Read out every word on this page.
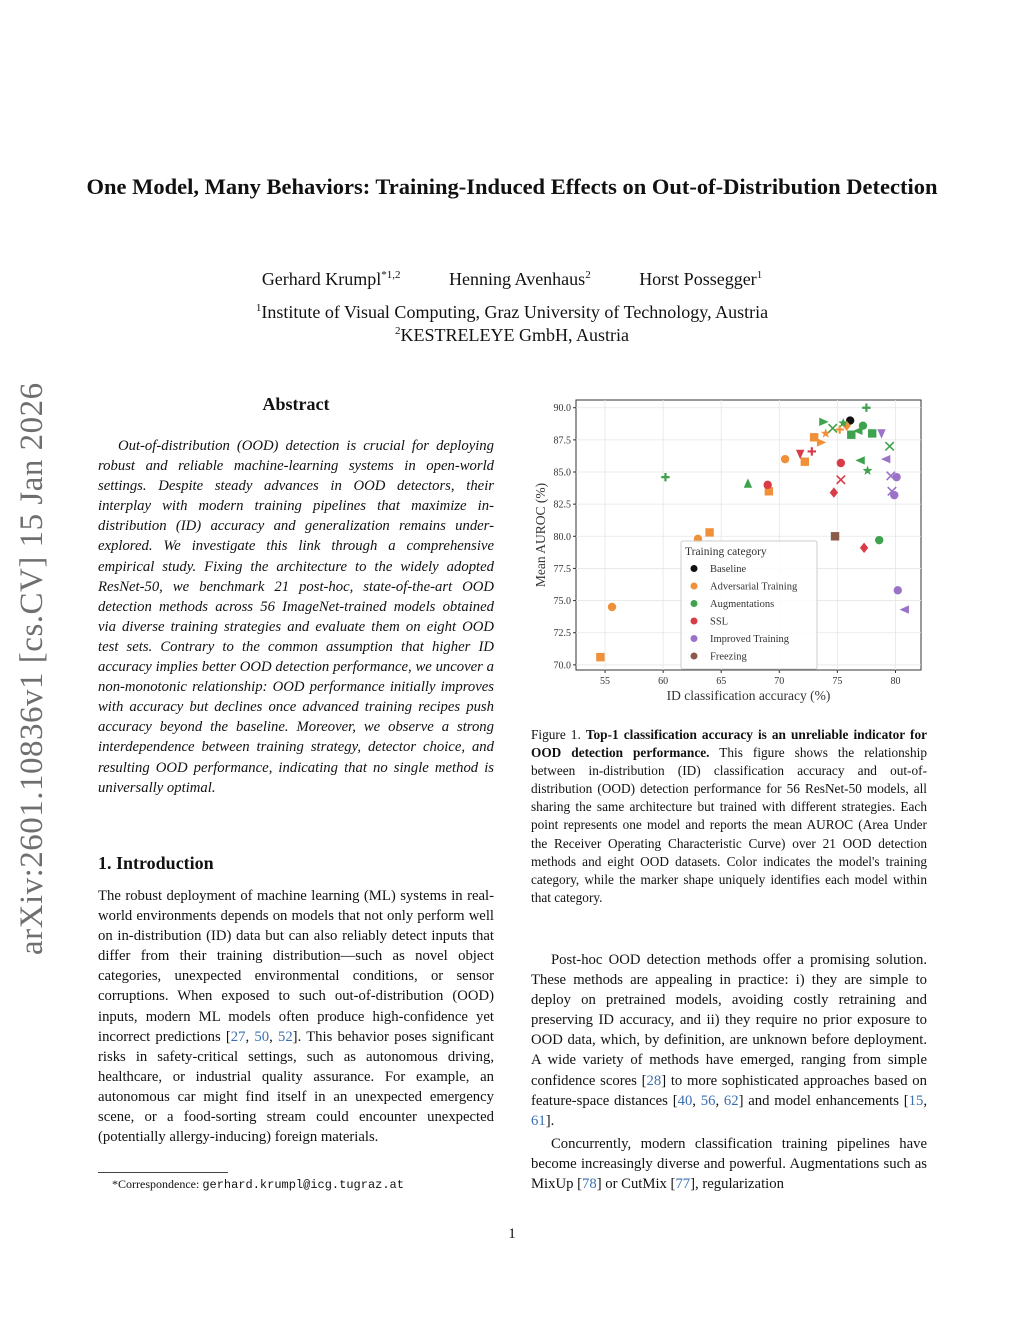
arXiv:2601.10836v1 [cs.CV] 15 Jan 2026
One Model, Many Behaviors: Training-Induced Effects on Out-of-Distribution Detection
Gerhard Krumpl$^{*1,2}$	Henning Avenhaus$^2$	Horst Possegger$^1$
$^1$Institute of Visual Computing, Graz University of Technology, Austria
$^2$KESTRELEYE GmbH, Austria
Abstract
Out-of-distribution (OOD) detection is crucial for deploying robust and reliable machine-learning systems in open-world settings. Despite steady advances in OOD detectors, their interplay with modern training pipelines that maximize in-distribution (ID) accuracy and generalization remains under-explored. We investigate this link through a comprehensive empirical study. Fixing the architecture to the widely adopted ResNet-50, we benchmark 21 post-hoc, state-of-the-art OOD detection methods across 56 ImageNet-trained models obtained via diverse training strategies and evaluate them on eight OOD test sets. Contrary to the common assumption that higher ID accuracy implies better OOD detection performance, we uncover a non-monotonic relationship: OOD performance initially improves with accuracy but declines once advanced training recipes push accuracy beyond the baseline. Moreover, we observe a strong interdependence between training strategy, detector choice, and resulting OOD performance, indicating that no single method is universally optimal.
1. Introduction
The robust deployment of machine learning (ML) systems in real-world environments depends on models that not only perform well on in-distribution (ID) data but can also reliably detect inputs that differ from their training distribution—such as novel object categories, unexpected environmental conditions, or sensor corruptions. When exposed to such out-of-distribution (OOD) inputs, modern ML models often produce high-confidence yet incorrect predictions [27, 50, 52]. This behavior poses significant risks in safety-critical settings, such as autonomous driving, healthcare, or industrial quality assurance. For example, an autonomous car might find itself in an unexpected emergency scene, or a food-sorting stream could encounter unexpected (potentially allergy-inducing) foreign materials.
*Correspondence: gerhard.krumpl@icg.tugraz.at
55	60	65	70	75	80
70.0
72.5
75.0
77.5
80.0
82.5
85.0
87.5
90.0
ID classification accuracy (%)
Mean AUROC (%)	Training category
Baseline
Adversarial Training
Augmentations
SSL
Improved Training
Freezing
Figure 1. Top-1 classification accuracy is an unreliable indicator for OOD detection performance. This figure shows the relationship between in-distribution (ID) classification accuracy and out-of-distribution (OOD) detection performance for 56 ResNet-50 models, all sharing the same architecture but trained with different strategies. Each point represents one model and reports the mean AUROC (Area Under the Receiver Operating Characteristic Curve) over 21 OOD detection methods and eight OOD datasets. Color indicates the model's training category, while the marker shape uniquely identifies each model within that category.

Post-hoc OOD detection methods offer a promising solution. These methods are appealing in practice: i) they are simple to deploy on pretrained models, avoiding costly retraining and preserving ID accuracy, and ii) they require no prior exposure to OOD data, which, by definition, are unknown before deployment. A wide variety of methods have emerged, ranging from simple confidence scores [28] to more sophisticated approaches based on feature-space distances [40, 56, 62] and model enhancements [15, 61].

Concurrently, modern classification training pipelines have become increasingly diverse and powerful. Augmentations such as MixUp [78] or CutMix [77], regularization

1
